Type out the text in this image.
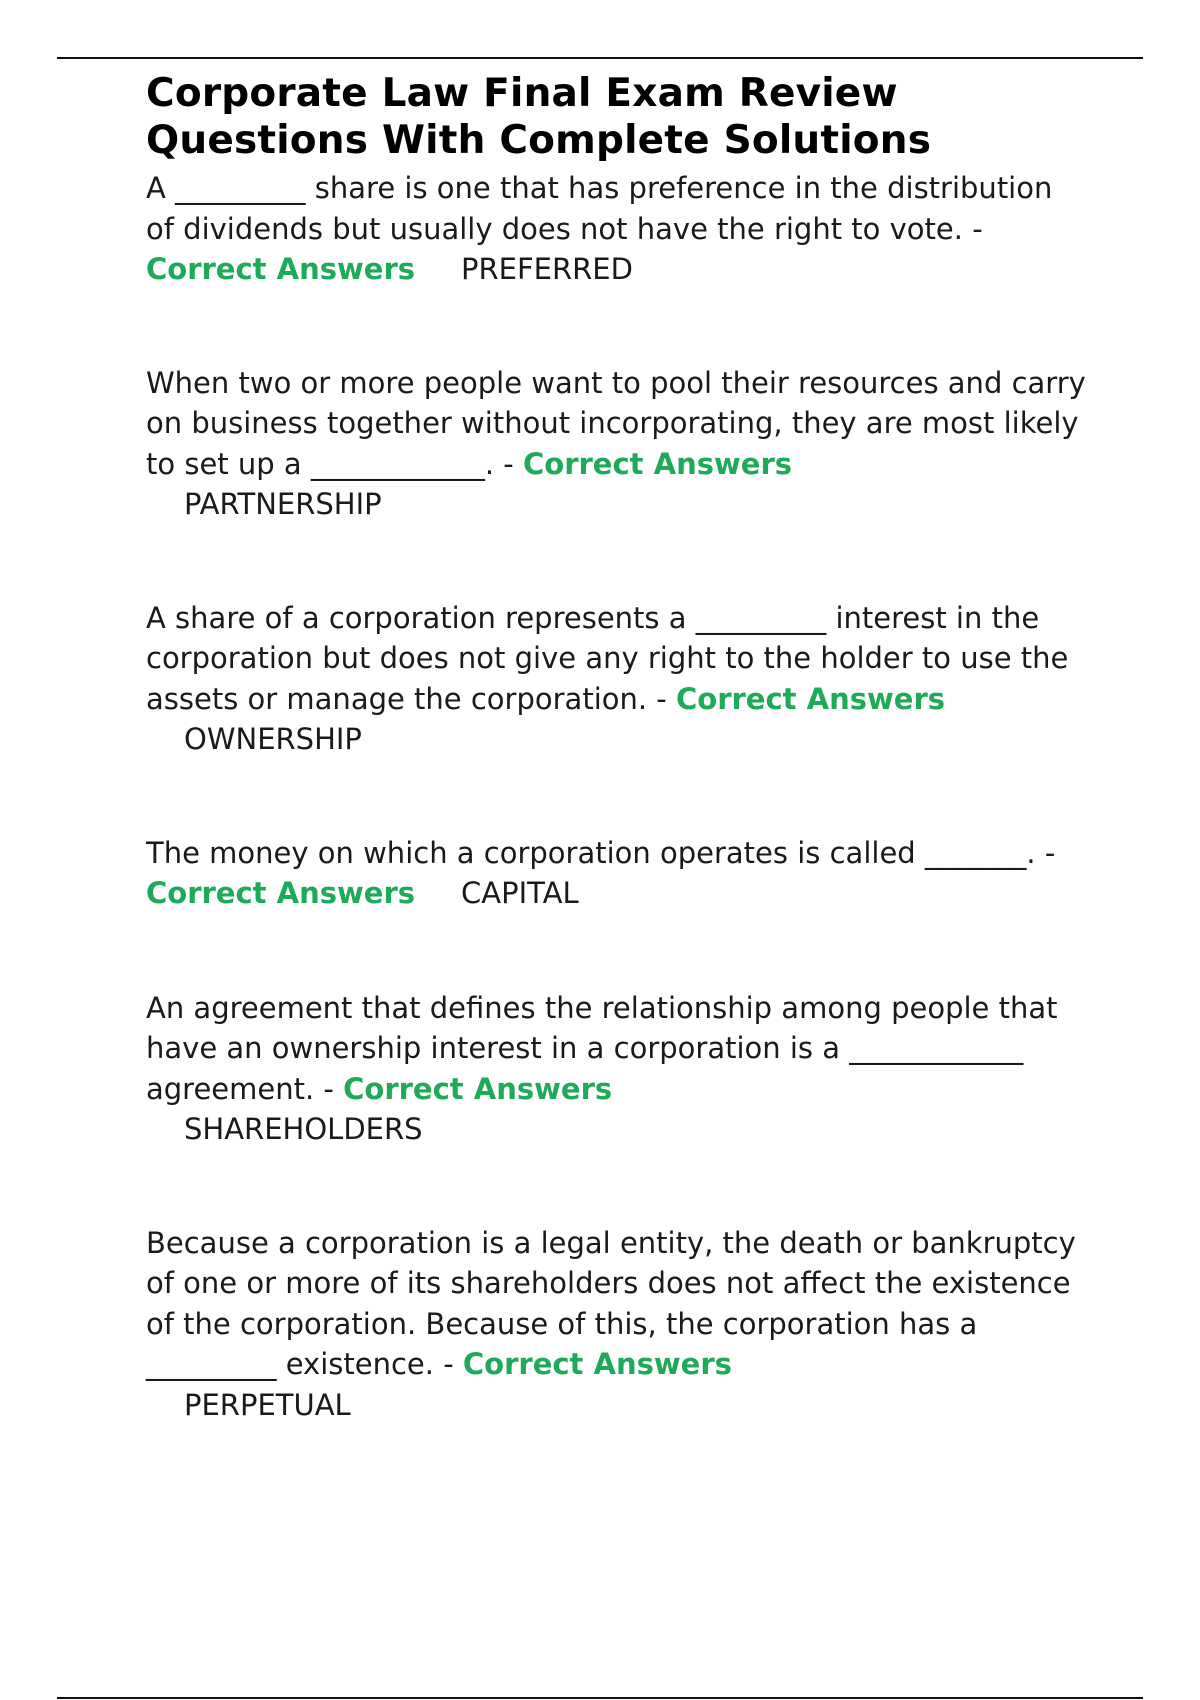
Corporate Law Final Exam Review Questions With Complete Solutions
A _________ share is one that has preference in the distribution of dividends but usually does not have the right to vote. - Correct Answers PREFERRED
When two or more people want to pool their resources and carry on business together without incorporating, they are most likely to set up a ____________. - Correct Answers
PARTNERSHIP
A share of a corporation represents a _________ interest in the corporation but does not give any right to the holder to use the assets or manage the corporation. - Correct Answers
OWNERSHIP
The money on which a corporation operates is called _______. - Correct Answers CAPITAL
An agreement that defines the relationship among people that have an ownership interest in a corporation is a ____________ agreement. - Correct Answers
SHAREHOLDERS
Because a corporation is a legal entity, the death or bankruptcy of one or more of its shareholders does not affect the existence of the corporation. Because of this, the corporation has a _________ existence. - Correct Answers
PERPETUAL
